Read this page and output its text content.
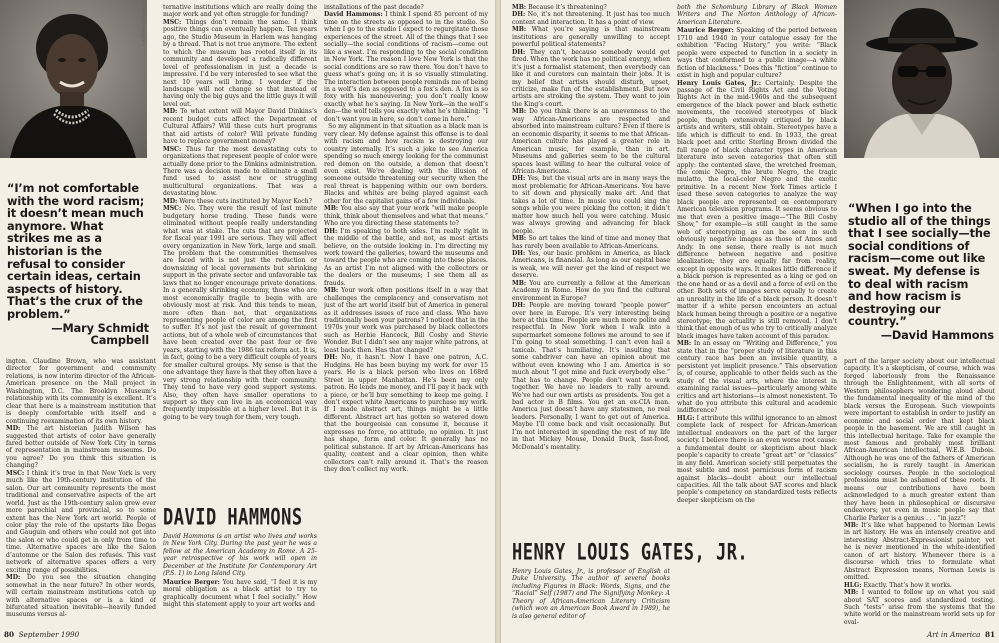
Photo: John Heggarty
“I’m not comfortable with the word racism; it doesn’t mean much anymore. What strikes me as a historian is the refusal to consider certain ideas, certain aspects of history. That’s the crux of the problem.”
—Mary Schmidt Campbell

ington. Claudine Brown, who was assistant director for government and community relations, is now interim director of the African-American presence on the Mall project in Washington, D.C. The Brooklyn Museum’s relationship with its community is excellent. It’s clear that here is a mainstream institution that is deeply comfortable with itself and a continuing reexamination of its own history.

MD: The art historian Judith Wilson has suggested that artists of color have generally fared better outside of New York City in terms of representation in mainstream museums. Do you agree? Do you think this situation is changing?

MSC: I think it’s true in that New York is very much like the 19th-century institution of the salon. Our art community represents the most traditional and conservative aspects of the art world. Just as the 19th-century salon grew ever more parochial and provincial, so to some extent has the New York art world. People of color play the role of the upstarts like Degas and Gauguin and others who could not get into the salon or who could get in only from time to time. Alternative spaces are like the Salon d’automne or the Salon des refusés. This vast network of alternative spaces offers a very exciting range of possibilities.

MD: Do you see the situation changing somewhat in the near future? In other words, will certain mainstream institutions catch up with alternative spaces or is a kind of bifurcated situation inevitable—heavily funded museums versus al-

ternative institutions which are really doing the major work and yet often struggle for funding?

MSC: Things don’t remain the same. I think positive things can eventually happen. Ten years ago, the Studio Museum in Harlem was hanging by a thread. That is not true anymore. The extent to which the museum has rooted itself in its community and developed a radically different level of professionalism in just a decade is impressive. I’d be very interested to see what the next 10 years will bring. I wonder if the landscape will not change so that instead of having only the big guys and the little guys it will level out.

MD: To what extent will Mayor David Dinkins’s recent budget cuts affect the Department of Cultural Affairs? Will these cuts hurt programs that aid artists of color? Will private funding have to replace government money?

MSC: Thus far the most devastating cuts to organizations that represent people of color were actually done prior to the Dinkins administration. There was a decision made to eliminate a small fund used to assist new or struggling multicultural organizations. That was a devastating blow.

MD: Were these cuts instituted by Mayor Koch?

MSC: No. They were the result of last minute budgetary horse trading. These funds were eliminated without people really understanding what was at stake. The cuts that are projected for fiscal year 1991 are serious. They will affect every organization in New York, large and small. The problem that the communities themselves are faced with is not just the reduction or downsizing of local governments but shrinking support in the private sector and unfavorable tax laws that no longer encourage private donations. In a generally shrinking economy, those who are most economically fragile to begin with are obviously most at risk. And this tends to mean, more often than not, that organizations representing people of color are among the first to suffer. It’s not just the result of government actions, but of a whole web of circumstances that have been created over the past four or five years, starting with the 1986 tax reform act. It is, in fact, going to be a very difficult couple of years for smaller cultural groups. My sense is that the one advantage they have is that they often have a very strong relationship with their community. They tend to have very good support systems. Also, they often have smaller operations to support so they can live in an economical way frequently impossible at a higher level. But it is going to be very tough for them, very tough.

DAVID HAMMONS

David Hammons is an artist who lives and works in New York City. During the past year he was a fellow at the American Academy in Rome. A 25-year retrospective of his work will open in December at the Institute for Contemporary Art (P.S. 1) in Long Island City.

Maurice Berger: You have said, “I feel it is my moral obligation as a black artist to try to graphically document what I feel socially.” How might this statement apply to your art works and

installations of the past decade?

David Hammons: I think I spend 85 percent of my time on the streets as opposed to in the studio. So when I go to the studio I expect to regurgitate those experiences of the street. All of the things that I see socially—the social conditions of racism—come out like a sweat. I’m responding to the social condition in New York. The reason I love New York is that the social conditions are so raw there. You don’t have to guess what’s going on; it is so visually stimulating. The interaction between people reminds me of being in a wolf’s den as opposed to a fox’s den. A fox is so foxy with his maneuvering; you don’t really know exactly what he’s saying. In New York—in the wolf’s den—the wolf tells you exactly what he’s thinking: “I don’t want you in here, so don’t come in here.”

So my alignment in that situation as a black man is very clear. My defense against this offense is to deal with racism and how racism is destroying our country internally. It’s such a joke to see America spending so much energy looking for the communist red demon on the outside, a demon that doesn’t even exist. We’re dealing with the illusion of someone outside threatening our security when the real threat is happening within our own borders. Blacks and whites are being played against each other for the capitalist gains of a few individuals.

MB: You also say that your work “will make people think, think about themselves and what that means.” Who are you directing these statements to?

DH: I’m speaking to both sides. I’m really right in the middle of the battle, and not, as most artists believe, on the outside looking in. I’m directing my work toward the galleries, toward the museums and toward the people who are coming into these places. As an artist I’m not aligned with the collectors or the dealers or the museums; I see them all as frauds.

MB: Your work often positions itself in a way that challenges the complacency and conservatism not just of the art world itself but of America in general as it addresses issues of race and class. Who have traditionally been your patrons? I noticed that in the 1970s your work was purchased by black collectors such as Herbie Hancock, Bill Cosby and Stevie Wonder. But I didn’t see any major white patrons, at least back then. Has that changed?

DH: No, it hasn’t. Now I have one patron, A.C. Hudgins. He has been buying my work for over 15 years. He is a black person who lives on 168rd Street in upper Manhattan. He’s been my only patron. He lends me money, and I’ll pay it back with a piece, or he’ll buy something to keep me going. I don’t expect white Americans to purchase my work. If I made abstract art, things might be a little different. Abstract art has gotten so watered down that the bourgeoisie can consume it, because it expresses no force, no attitude, no opinion. It just has shape, form and color. It generally has no political substance. If art by African-Americans has quality, content and a clear opinion, then white collectors can’t rally around it. That’s the reason they don’t collect my work.

80 September 1990

MB: Because it’s threatening?

DH: No, it’s not threatening. It just has too much content and interaction. It has a point of view.

MB: What you’re saying is that mainstream institutions are generally unwilling to accept powerful political statements?

DH: They can’t, because somebody would get fired. When the work has no political energy, when it’s just a formalist statement, then everybody can like it and curators can maintain their jobs. It is my belief that artists should disturb, upset, criticize, make fun of the establishment. But now artists are stroking the system. They want to join the King’s court.

MB: Do you think there is an unevenness to the way African-Americans are respected and absorbed into mainstream culture? Even if there is an economic disparity, it seems to me that African-American culture has played a greater role in American music, for example, than in art. Museums and galleries seem to be the cultural spaces least willing to hear the cultural voice of African-Americans.

DH: Yes, but the visual arts are in many ways the most problematic for African-Americans. You have to sit down and physically make art. And that takes a lot of time. In music you could sing the songs while you were picking the cotton; it didn’t matter how much hell you were catching. Music was always growing and advancing for black people.

MB: So art takes the kind of time and money that has rarely been available to African-Americans.

DH: Yes, our basic problem in America, as black Americans, is financial. As long as our capital base is weak, we will never get the kind of respect we deserve.

MB: You are currently a fellow at the American Academy in Rome. How do you find the cultural environment in Europe?

DH: People are moving toward “people power” over here in Europe. It’s very interesting being here at this time. People are much more polite and respectful. In New York when I walk into a supermarket someone follows me around to see if I’m going to steal something. I can’t even hail a taxicab. That’s humiliating. It’s insulting that some cabdriver can have an opinion about me without even knowing who I am. America is so much about “I got mine and fuck everybody else.” That has to change. People don’t want to work together. We have no leaders to rally around. We’ve had our own artists as presidents. You get a bad actor in B films. You get an ex-CIA man. America just doesn’t have any statesmen, no real leaders. Personally, I want to get out of America. Maybe I’ll come back and visit occasionally. But I’m not interested in spending the rest of my life in that Mickey Mouse, Donald Duck, fast-food, McDonald’s mentality.

HENRY LOUIS GATES, JR.

Henry Louis Gates, Jr., is professor of English at Duke University. The author of several books including Figures in Black: Words, Signs, and the “Racial” Self (1987) and The Signifying Monkey: A Theory of African-American Literary Criticism (which won an American Book Award in 1989), he is also general editor of

both the Schomburg Library of Black Women Writers and The Norton Anthology of African-American Literature.

Maurice Berger: Speaking of the period between 1710 and 1940 in your catalogue essay for the exhibition “Facing History,” you write: “Black people were expected to function in a society in ways that conformed to a public image—a white fiction of blackness.” Does this “fiction” continue to exist in high and popular culture?

Henry Louis Gates, Jr.: Certainly. Despite the passage of the Civil Rights Act and the Voting Rights Act in the mid-1960s and the subsequent emergence of the black power and black esthetic movements, the received stereotypes of black people, though extensively critiqued by black artists and writers, still obtain. Stereotypes have a life which is difficult to end. In 1933, the great black poet and critic Sterling Brown divided the full range of black character types in American literature into seven categories that often still apply: the contented slave, the wretched freeman, the comic Negro, the brute Negro, the tragic mulatto, the local-color Negro and the exotic primitive. In a recent New York Times article I used these seven categories to analyze the way black people are represented on contemporary American television programs. It seems obvious to me that even a positive image—“The Bill Cosby Show,” for example—is still caught in the same web of stereotyping as can be seen in such obviously negative images as those of Amos and Andy. In one sense, there really is not much difference between negative and positive idealization; they are equally far from reality, except in opposite ways. It makes little difference if a black person is represented as a king or god on the one hand or as a devil and a force of evil on the other. Both sets of images serve equally to create an unreality in the life of a black person. It doesn’t matter if a white person encounters an actual black human being through a positive or a negative stereotype; the actuality is still removed. I don’t think that enough of us who try to critically analyze black images have taken account of this paradox.

MB: In an essay on “Writing and Difference,” you state that in the “proper study of literature in this century race has been an invisible quantity, a persistent yet implicit presence.” This observation is, of course, applicable to other fields such as the study of the visual arts, where the interest in examining racial issues—particularly among white critics and art historians—is almost nonexistent. To what do you attribute this cultural and academic indifference?

HLG: I attribute this willful ignorance to an almost complete lack of respect for African-American intellectual endeavors on the part of the larger society. I believe there is an even worse root cause: a fundamental doubt or skepticism about black people’s capacity to create “great art” or “classics” in any field. American society still perpetuates the most subtle and most pernicious form of racism against blacks—doubt about our intellectual capacities. All the talk about SAT scores and black people’s competency on standardized tests reflects deeper skepticism on the

Photo: Andrew Harkins
“When I go into the studio all of the things that I see socially—the social conditions of racism—come out like sweat. My defense is to deal with racism and how racism is destroying our country.”
—David Hammons

part of the larger society about our intellectual capacity. It’s a skepticism, of course, which was forged laboriously from the Renaissance through the Enlightenment, with all sorts of Western philosophers wondering aloud about the fundamental inequality of the mind of the black versus the European. Such viewpoints were important to establish in order to justify an economic and social order that kept black people in the basement. We are still caught in this intellectual heritage. Take for example the most famous and probably most brilliant African-American intellectual, W.E.B. Dubois. Although he was one of the fathers of American socialism, he is rarely taught in American sociology courses. People in the sociological professions must be ashamed of these roots. It means our contributions have been acknowledged to a much greater extent than they have been in philosophical or discursive endeavors; yet even in music people say that Charlie Parker is a genius . . . “in jazz”!

MB: It’s like what happened to Norman Lewis in art history. He was an intensely creative and interesting Abstract-Expressionist painter, yet he is never mentioned in the white-identified canon of art history. Whenever there is a discourse which tries to formulate what Abstract Expression means, Norman Lewis is omitted.

HLG: Exactly. That’s how it works.

MB: I wanted to follow up on what you said about SAT scores and standardized testing. Such “tests” arise from the systems that the white world or the mainstream world sets up for eval-

Art in America 81
